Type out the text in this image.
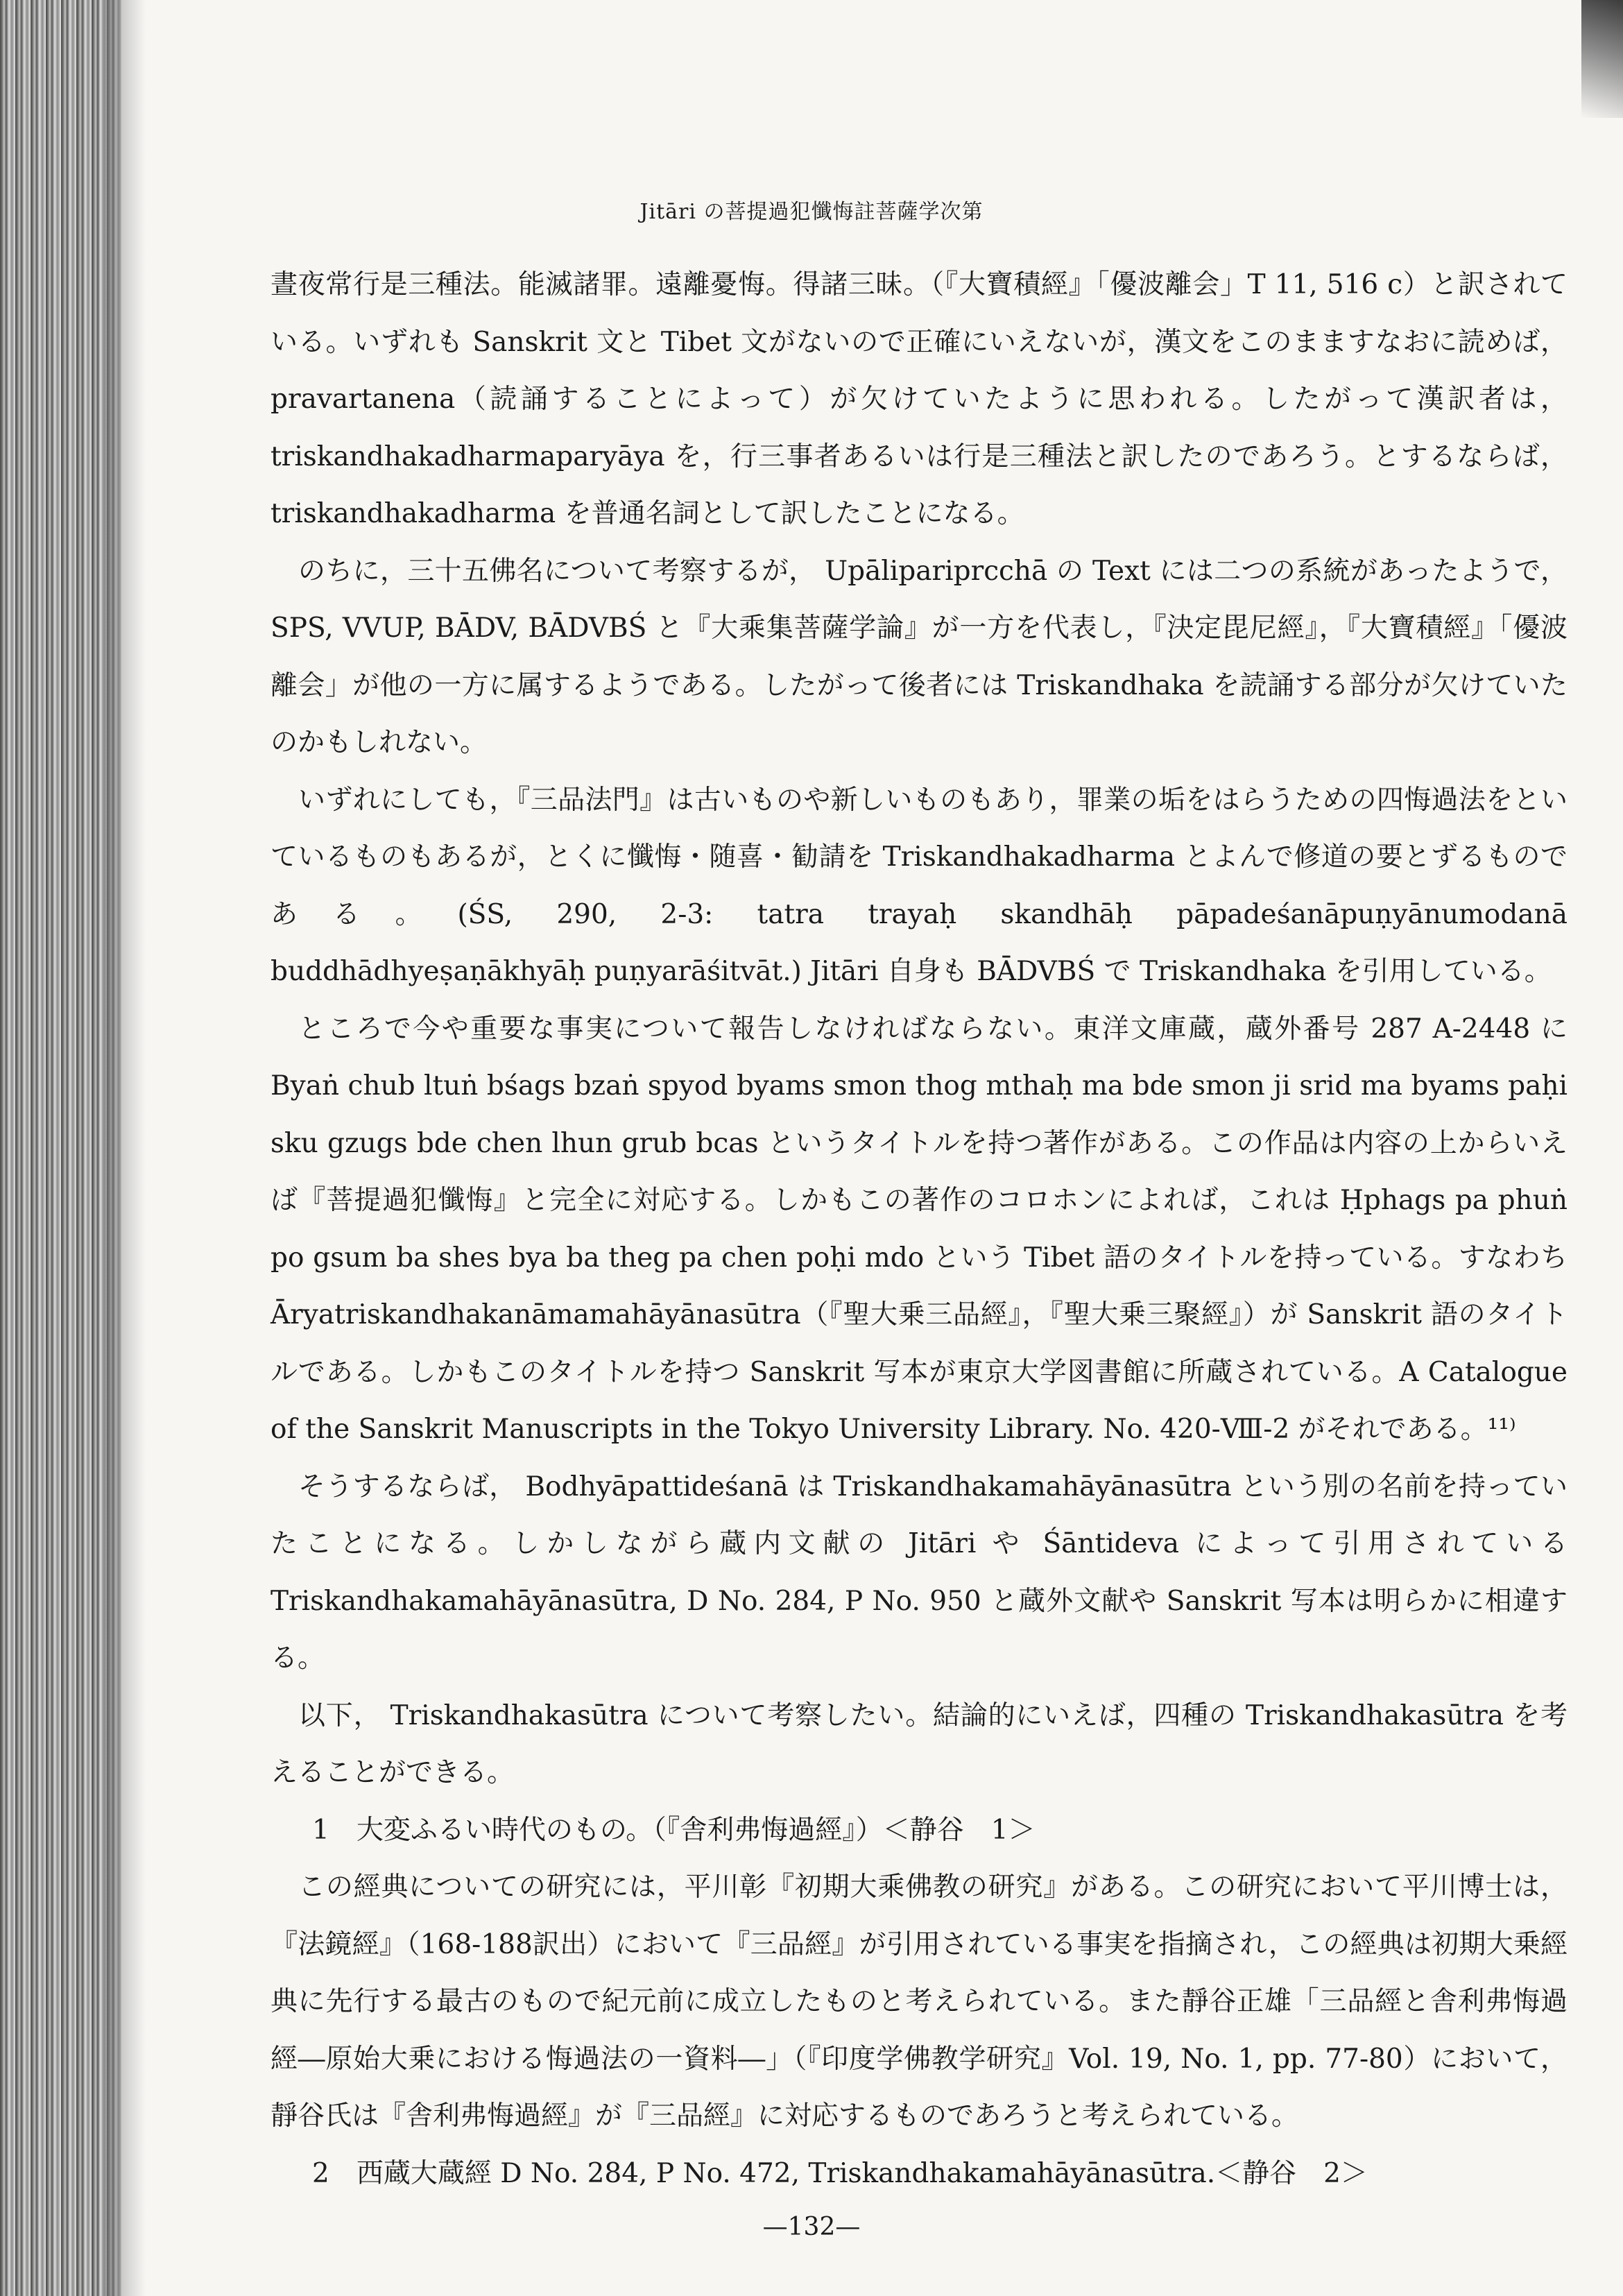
Jitāri の菩提過犯懺悔註菩薩学次第

晝夜常行是三種法。能滅諸罪。遠離憂悔。得諸三昧。（『大寶積經』「優波離会」T 11, 516 c）と訳されている。いずれも Sanskrit 文と Tibet 文がないので正確にいえないが，漢文をこのまますなおに読めば， pravartanena（読誦することによって）が欠けていたように思われる。したがって漢訳者は， triskandhakadharmaparyāya を，行三事者あるいは行是三種法と訳したのであろう。とするならば， triskandhakadharma を普通名詞として訳したことになる。

のちに，三十五佛名について考察するが， Upālipariprcchā の Text には二つの系統があったようで， SPS, VVUP, BĀDV, BĀDVBŚ と『大乘集菩薩学論』が一方を代表し，『決定毘尼經』，『大寶積經』「優波離会」が他の一方に属するようである。したがって後者には Triskandhaka を読誦する部分が欠けていたのかもしれない。

いずれにしても，『三品法門』は古いものや新しいものもあり，罪業の垢をはらうための四悔過法をといているものもあるが，とくに懺悔・随喜・勧請を Triskandhakadharma とよんで修道の要とずるものである。(ŚS, 290, 2-3: tatra trayaḥ skandhāḥ pāpadeśanāpuṇyānumodanā buddhādhyeṣaṇākhyāḥ puṇyarāśitvāt.) Jitāri 自身も BĀDVBŚ で Triskandhaka を引用している。

ところで今や重要な事実について報告しなければならない。東洋文庫蔵，蔵外番号 287 A-2448 に Byaṅ chub ltuṅ bśags bzaṅ spyod byams smon thog mthaḥ ma bde smon ji srid ma byams paḥi sku gzugs bde chen lhun grub bcas というタイトルを持つ著作がある。この作品は内容の上からいえば『菩提過犯懺悔』と完全に対応する。しかもこの著作のコロホンによれば，これは Ḥphags pa phuṅ po gsum ba shes bya ba theg pa chen poḥi mdo という Tibet 語のタイトルを持っている。すなわち Āryatriskandhakanāmamahāyānasūtra（『聖大乗三品經』，『聖大乗三聚經』）が Sanskrit 語のタイトルである。しかもこのタイトルを持つ Sanskrit 写本が東京大学図書館に所蔵されている。A Catalogue of the Sanskrit Manuscripts in the Tokyo University Library. No. 420-Ⅷ-2 がそれである。¹¹⁾

そうするならば， Bodhyāpattideśanā は Triskandhakamahāyānasūtra という別の名前を持っていたことになる。しかしながら蔵内文献の Jitāri や Śāntideva によって引用されている Triskandhakamahāyānasūtra, D No. 284, P No. 950 と蔵外文献や Sanskrit 写本は明らかに相違する。

以下， Triskandhakasūtra について考察したい。結論的にいえば，四種の Triskandhakasūtra を考えることができる。

1　大変ふるい時代のもの。（『舎利弗悔過經』）＜静谷　1＞

この經典についての研究には，平川彰『初期大乘佛教の研究』がある。この研究において平川博士は，『法鏡經』（168-188訳出）において『三品經』が引用されている事実を指摘され，この經典は初期大乗經典に先行する最古のもので紀元前に成立したものと考えられている。また靜谷正雄「三品經と舎利弗悔過經―原始大乗における悔過法の一資料―」（『印度学佛教学研究』Vol. 19, No. 1, pp. 77-80）において，靜谷氏は『舎利弗悔過經』が『三品經』に対応するものであろうと考えられている。

2　西蔵大蔵經 D No. 284, P No. 472, Triskandhakamahāyānasūtra.＜静谷　2＞

—132—
